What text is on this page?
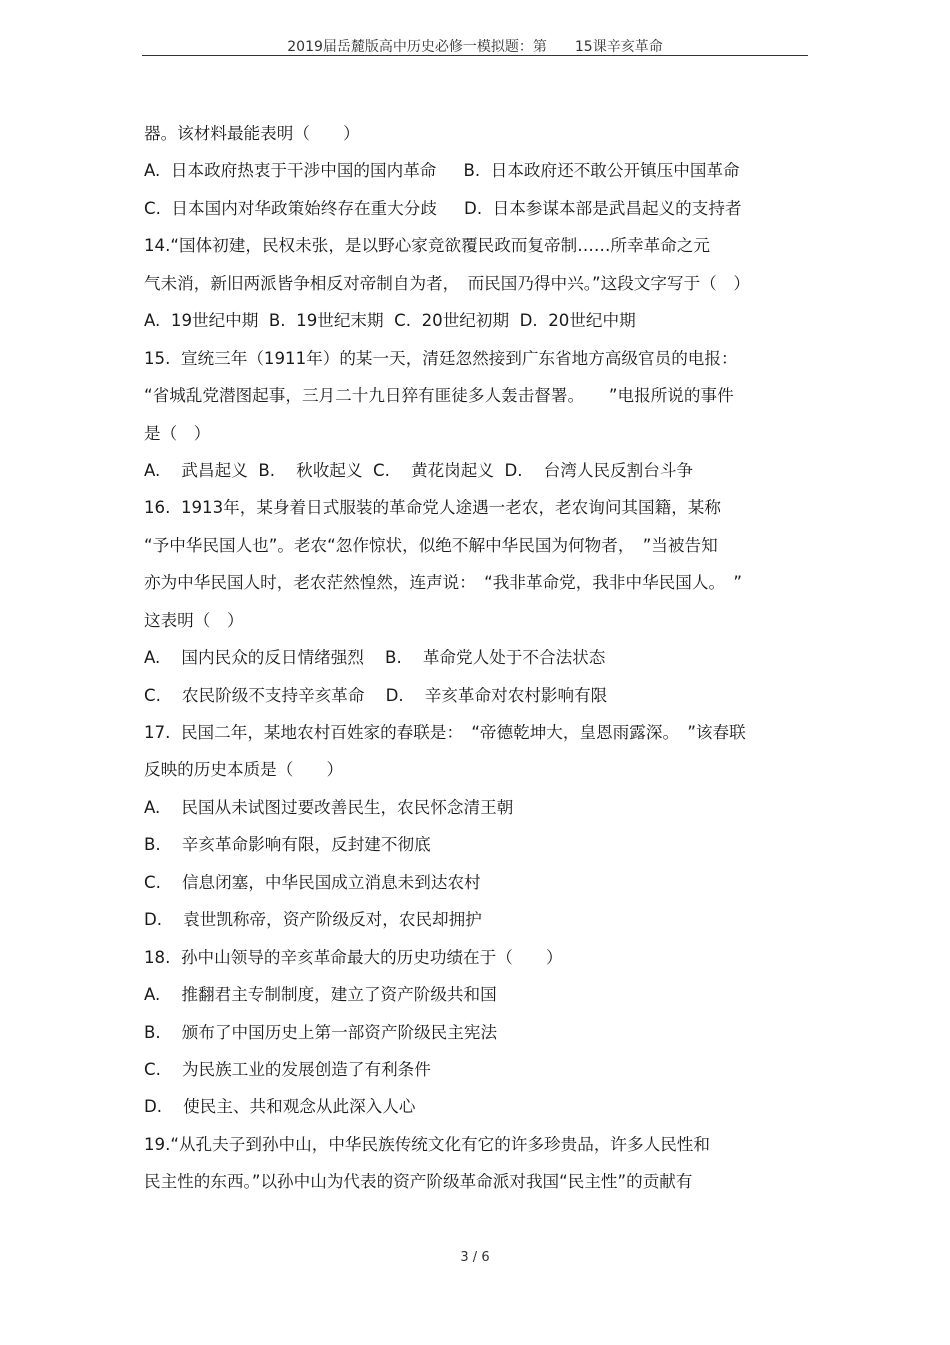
2019届岳麓版高中历史必修一模拟题：第　　15课辛亥革命
器。该材料最能表明（　　）
A.  日本政府热衷于干涉中国的国内革命　  B.  日本政府还不敢公开镇压中国革命
C.  日本国内对华政策始终存在重大分歧　  D.  日本参谋本部是武昌起义的支持者
14.“国体初建，民权未张，是以野心家竞欲覆民政而复帝制……所幸革命之元
气未消，新旧两派皆争相反对帝制自为者，　而民国乃得中兴。”这段文字写于（　）
A.  19世纪中期  B.  19世纪末期  C.  20世纪初期  D.  20世纪中期
15.  宣统三年（1911年）的某一天，清廷忽然接到广东省地方高级官员的电报：
“省城乱党潜图起事，三月二十九日猝有匪徒多人轰击督署。　　”电报所说的事件
是（　）
A.    武昌起义  B.    秋收起义  C.    黄花岗起义  D.    台湾人民反割台斗争
16.  1913年，某身着日式服装的革命党人途遇一老农，老农询问其国籍，某称
“予中华民国人也”。老农“忽作惊状，似绝不解中华民国为何物者，　”当被告知
亦为中华民国人时，老农茫然惶然，连声说：　“我非革命党，我非中华民国人。　”
这表明（　）
A.    国内民众的反日情绪强烈    B.    革命党人处于不合法状态
C.    农民阶级不支持辛亥革命    D.    辛亥革命对农村影响有限
17.  民国二年，某地农村百姓家的春联是：　“帝德乾坤大，皇恩雨露深。　”该春联
反映的历史本质是（　　）
A.    民国从未试图过要改善民生，农民怀念清王朝
B.    辛亥革命影响有限，反封建不彻底
C.    信息闭塞，中华民国成立消息未到达农村
D.    袁世凯称帝，资产阶级反对，农民却拥护
18.  孙中山领导的辛亥革命最大的历史功绩在于（　　）
A.    推翻君主专制制度，建立了资产阶级共和国
B.    颁布了中国历史上第一部资产阶级民主宪法
C.    为民族工业的发展创造了有利条件
D.    使民主、共和观念从此深入人心
19.“从孔夫子到孙中山，中华民族传统文化有它的许多珍贵品，许多人民性和
民主性的东西。”以孙中山为代表的资产阶级革命派对我国“民主性”的贡献有
3 / 6
